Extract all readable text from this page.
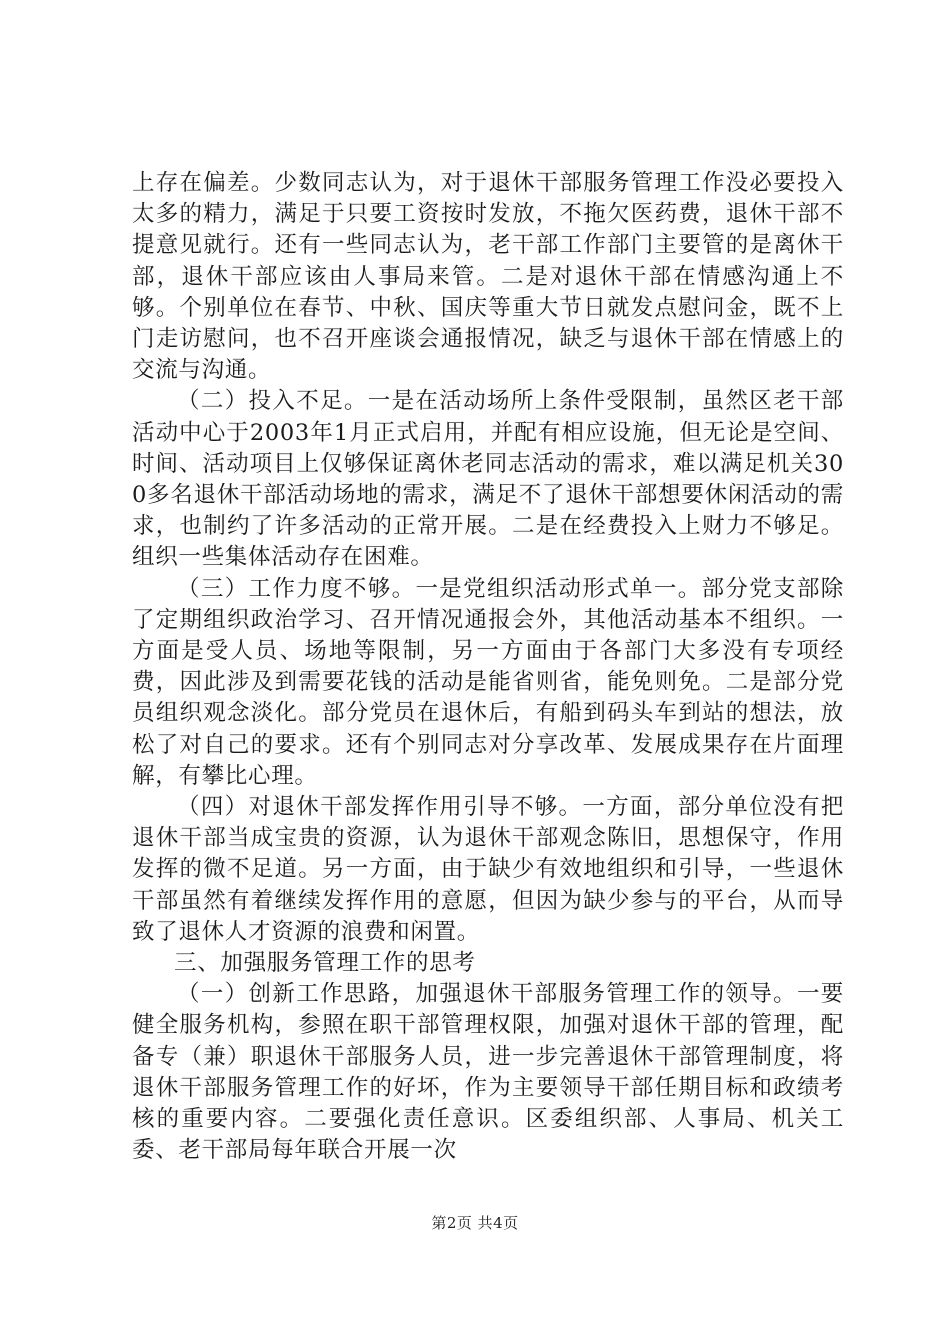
上存在偏差。少数同志认为，对于退休干部服务管理工作没必要投入太多的精力，满足于只要工资按时发放，不拖欠医药费，退休干部不提意见就行。还有一些同志认为，老干部工作部门主要管的是离休干部，退休干部应该由人事局来管。二是对退休干部在情感沟通上不够。个别单位在春节、中秋、国庆等重大节日就发点慰问金，既不上门走访慰问，也不召开座谈会通报情况，缺乏与退休干部在情感上的交流与沟通。

（二）投入不足。一是在活动场所上条件受限制，虽然区老干部活动中心于2003年1月正式启用，并配有相应设施，但无论是空间、时间、活动项目上仅够保证离休老同志活动的需求，难以满足机关300多名退休干部活动场地的需求，满足不了退休干部想要休闲活动的需求，也制约了许多活动的正常开展。二是在经费投入上财力不够足。组织一些集体活动存在困难。

（三）工作力度不够。一是党组织活动形式单一。部分党支部除了定期组织政治学习、召开情况通报会外，其他活动基本不组织。一方面是受人员、场地等限制，另一方面由于各部门大多没有专项经费，因此涉及到需要花钱的活动是能省则省，能免则免。二是部分党员组织观念淡化。部分党员在退休后，有船到码头车到站的想法，放松了对自己的要求。还有个别同志对分享改革、发展成果存在片面理解，有攀比心理。

（四）对退休干部发挥作用引导不够。一方面，部分单位没有把退休干部当成宝贵的资源，认为退休干部观念陈旧，思想保守，作用发挥的微不足道。另一方面，由于缺少有效地组织和引导，一些退休干部虽然有着继续发挥作用的意愿，但因为缺少参与的平台，从而导致了退休人才资源的浪费和闲置。

三、加强服务管理工作的思考

（一）创新工作思路，加强退休干部服务管理工作的领导。一要健全服务机构，参照在职干部管理权限，加强对退休干部的管理，配备专（兼）职退休干部服务人员，进一步完善退休干部管理制度，将退休干部服务管理工作的好坏，作为主要领导干部任期目标和政绩考核的重要内容。二要强化责任意识。区委组织部、人事局、机关工委、老干部局每年联合开展一次

第2页 共4页
